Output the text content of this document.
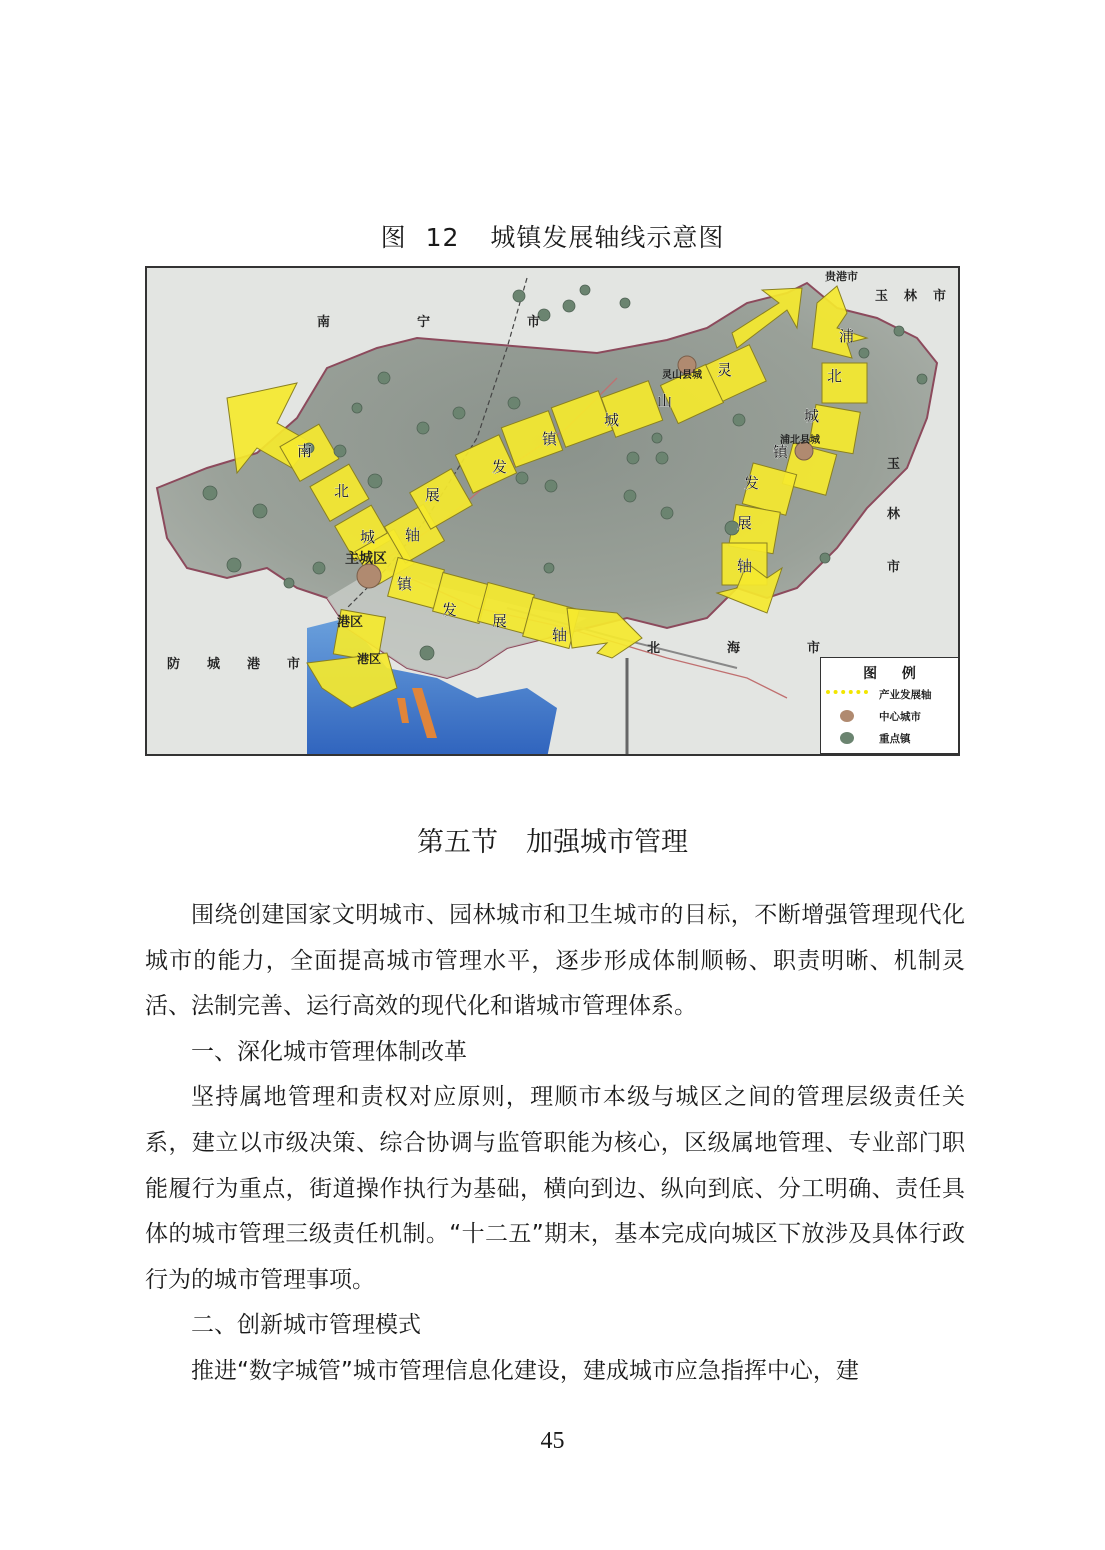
图 12 城镇发展轴线示意图
南	宁	市
贵港市
玉 林 市
玉
林
市
北	海	市
防 城 港 市
主城区
港区
港区
灵山县城
浦北县城
南
北
城 轴
镇
发
展
轴
展
发
镇
城
山
灵
浦
北
城
镇
发
展
轴
图 例
产业发展轴
中心城市
重点镇
第五节 加强城市管理

围绕创建国家文明城市、园林城市和卫生城市的目标，不断增强管理现代化城市的能力，全面提高城市管理水平，逐步形成体制顺畅、职责明晰、机制灵活、法制完善、运行高效的现代化和谐城市管理体系。

一、深化城市管理体制改革

坚持属地管理和责权对应原则，理顺市本级与城区之间的管理层级责任关系，建立以市级决策、综合协调与监管职能为核心，区级属地管理、专业部门职能履行为重点，街道操作执行为基础，横向到边、纵向到底、分工明确、责任具体的城市管理三级责任机制。“十二五”期末，基本完成向城区下放涉及具体行政行为的城市管理事项。

二、创新城市管理模式

推进“数字城管”城市管理信息化建设，建成城市应急指挥中心，建

45
